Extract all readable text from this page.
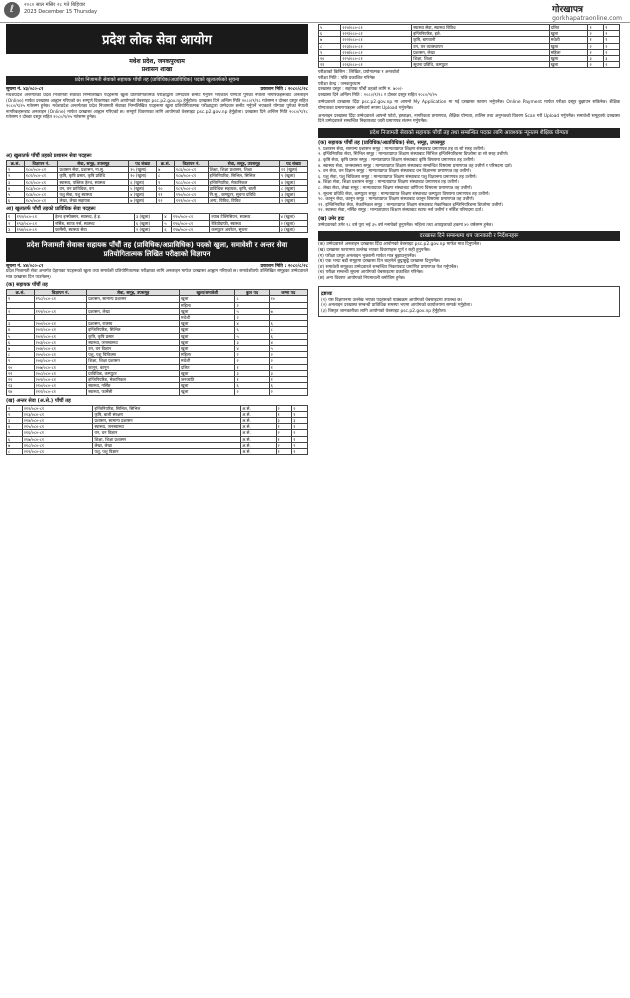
ℓ	२०८० साल मंसिर २८ गते बिहिवार
2023 December 15 Thursday	गोरखापत्र
gorkhapatraonline.com
प्रदेश लोक सेवा आयोग
मधेश प्रदेश, जनकपुरधाम
प्रशासन शाखा
प्रदेश निजामती सेवाको सहायक पाँचौं तह (प्राविधिक/अप्राविधिक) पदको खुलातर्फको सूचना
सूचना नं. ४३/०८०-८१	प्रकाशन मिति : २०८०/८/२८
मधेशप्रदेश अन्तर्गतका प्रदेश निजामती सेवाका निम्नलिखित पदहरूमा खुला प्रतियोगितात्मक परीक्षाद्वारा उम्मेदवार छनौट गर्नुपर्ने भएकाले योग्यता पुगेका नेपाली नागरिकहरूबाट अनलाइन (Online) मार्फत दरखास्त आह्वान गरिएको छ। सम्पूर्ण विवरणका लागि आयोगको वेबसाइट psc.p2.gov.np हेर्नुहोला। दरखास्त दिने अन्तिम मिति २०८०/९/१८ गतेसम्म र दोब्बर दस्तुर सहित २०८०/९/२५ गतेसम्म हुनेछ। मधेशप्रदेश अन्तर्गतका प्रदेश निजामती सेवाका निम्नलिखित पदहरूमा खुला प्रतियोगितात्मक परीक्षाद्वारा उम्मेदवार छनौट गर्नुपर्ने भएकाले योग्यता पुगेका नेपाली नागरिकहरूबाट अनलाइन (Online) मार्फत दरखास्त आह्वान गरिएको छ। सम्पूर्ण विवरणका लागि आयोगको वेबसाइट psc.p2.gov.np हेर्नुहोला। दरखास्त दिने अन्तिम मिति २०८०/९/१८ गतेसम्म र दोब्बर दस्तुर सहित २०८०/९/२५ गतेसम्म हुनेछ।
अ) खुलातर्फ पाँचौं तहको प्रशासन सेवा पदहरूः
क्र.सं.	विज्ञापन नं.	सेवा, समूह, उपसमूह	पद संख्या	क्र.सं.	विज्ञापन नं.	सेवा, समूह, उपसमूह	पद संख्या
१	१८०/०८०-८१	प्रशासन सेवा, प्रशासन, ना.सु.	१५ (खुला)	७	१८६/०८०-८१	शिक्षा, शिक्षा प्रशासन, शिक्षा	११ (खुला)
२	१८१/०८०-८१	कृषि, कृषि प्रसार, कृषि प्रविधि	१० (खुला)	८	१८७/०८०-८१	इन्जिनियरिङ, सिभिल, सिभिल	९ (खुला)
३	१८२/०८०-८१	स्वास्थ्य, पब्लिक हेल्थ, स्वास्थ्य	६ (खुला)	९	१८८/०८०-८१	इन्जिनियरिङ, मेकानिकल	४ (खुला)
४	१८३/०८०-८१	वन, वन प्राविधिक, वन	५ (खुला)	१०	१८९/०८०-८१	प्राविधिक सहायक, कृषि, बाली	८ (खुला)
५	१८४/०८०-८१	पशु सेवा, पशु स्वास्थ्य	४ (खुला)	११	१९०/०८०-८१	नि.सु., कम्प्युटर, सूचना प्रविधि	३ (खुला)
६	१८५/०८०-८१	लेखा, लेखा सहायक	७ (खुला)	१२	१९१/०८०-८१	अन्य, विविध, विविध	२ (खुला)
आ) खुलातर्फ पाँचौं तहको प्राविधिक सेवा पदहरूः
१	१९२/०८०-८१	हेल्थ इन्स्पेक्सन, स्वास्थ्य, हे.इ.	३ (खुला)	४	१९५/०८०-८१	ल्याब टेक्निसियन, स्वास्थ्य	४ (खुला)
२	१९३/०८०-८१	नर्सिङ, स्टाफ नर्स, स्वास्थ्य	६ (खुला)	५	१९६/०८०-८१	रेडियोग्राफी, स्वास्थ्य	२ (खुला)
३	१९४/०८०-८१	फार्मेसी, स्वास्थ्य सेवा	२ (खुला)	६	१९७/०८०-८१	कम्प्युटर अपरेटर, सूचना	३ (खुला)
प्रदेश निजामती सेवाका सहायक पाँचौं तह (प्राविधिक/अप्राविधिक) पदको खुला, समावेशी र अन्तर सेवा प्रतियोगितात्मक लिखित परीक्षाको विज्ञापन
सूचना नं. ४४/०८०-८१	प्रकाशन मिति : २०८०/८/२८
प्रदेश निजामती सेवा अन्तर्गत देहायका पदहरूको खुला तथा समावेशी प्रतियोगितात्मक परीक्षाका लागि अनलाइन मार्फत दरखास्त आह्वान गरिएको छ। समावेशीतर्फ उल्लिखित समूहका उम्मेदवारले मात्र दरखास्त दिन पाउनेछन्।
(क) सहायक पाँचौं तह
क्र.सं.	विज्ञापन नं.	सेवा, समूह, उपसमूह	खुला/समावेशी	कुल पद	जम्मा पद
१	१९८/०८०-८१	प्रशासन, सामान्य प्रशासन	खुला	८	१०
			महिला	२	
२	१९९/०८०-८१	प्रशासन, लेखा	खुला	५	७
			मधेशी	२	
३	२००/०८०-८१	प्रशासन, राजस्व	खुला	४	६
४	२०१/०८०-८१	इन्जिनियरिङ, सिभिल	खुला	६	८
५	२०२/०८०-८१	कृषि, कृषि प्रसार	खुला	५	६
६	२०३/०८०-८१	स्वास्थ्य, जनस्वास्थ्य	खुला	३	४
७	२०४/०८०-८१	वन, वन विज्ञान	खुला	४	५
८	२०५/०८०-८१	पशु, पशु चिकित्सा	महिला	२	२
९	२०६/०८०-८१	शिक्षा, शिक्षा प्रशासन	मधेशी	२	२
१०	२०७/०८०-८१	कानून, कानून	दलित	१	१
११	२०८/०८०-८१	प्राविधिक, कम्प्युटर	खुला	३	३
१२	२०९/०८०-८१	इन्जिनियरिङ, मेकानिकल	जनजाति	१	१
१३	२१०/०८०-८१	स्वास्थ्य, नर्सिङ	खुला	६	६
१४	२११/०८०-८१	स्वास्थ्य, फार्मेसी	खुला	२	२
(ख) अन्तर सेवा (अ.से.) पाँचौं तह
१	२१२/०८०-८१	इन्जिनियरिङ, सिभिल, सिभिल	अ.से.	२	२
२	२१३/०८०-८१	कृषि, बाली संरक्षण	अ.से.	१	१
३	२१४/०८०-८१	प्रशासन, सामान्य प्रशासन	अ.से.	३	३
४	२१५/०८०-८१	स्वास्थ्य, जनस्वास्थ्य	अ.से.	१	१
५	२१६/०८०-८१	वन, वन विज्ञान	अ.से.	२	२
६	२१७/०८०-८१	शिक्षा, शिक्षा प्रशासन	अ.से.	१	१
७	२१८/०८०-८१	लेखा, लेखा	अ.से.	२	२
८	२१९/०८०-८१	पशु, पशु विज्ञान	अ.से.	१	१
५	२२०/०८०-८१	स्वास्थ्य सेवा, स्वास्थ्य विविध	दलित	१	१
६	२२१/०८०-८१	इन्जिनियरिङ, इले.	खुला	२	२
७	२२२/०८०-८१	कृषि, बागवानी	मधेशी	१	१
८	२२३/०८०-८१	वन, वन व्यवस्थापन	खुला	२	२
९	२२४/०८०-८१	प्रशासन, लेखा	महिला	१	१
१०	२२५/०८०-८१	शिक्षा, शिक्षा	खुला	३	३
११	२२६/०८०-८१	सूचना प्रविधि, कम्प्युटर	खुला	२	२
परीक्षाको किसिम : लिखित, प्रयोगात्मक र अन्तर्वार्ता
परीक्षा मिति : पछि प्रकाशित गरिनेछ
परीक्षा केन्द्र : जनकपुरधाम
दरखास्त दस्तुर : सहायक पाँचौं तहको लागि रु. ७००/-
दरखास्त दिने अन्तिम मिति : २०८०/९/१८ र दोब्बर दस्तुर सहित २०८०/९/२५
उम्मेदवारले दरखास्त दिँदा psc.p2.gov.np मा आफ्नो My Application मा गई दरखास्त फाराम भर्नुपर्नेछ। Online Payment मार्फत परीक्षा दस्तुर बुझाउन सकिनेछ। शैक्षिक योग्यताका प्रमाणपत्रहरू अनिवार्य रूपमा Upload गर्नुपर्नेछ।
अनलाइन दरखास्त दिँदा उम्मेदवारले आफ्नो फोटो, हस्ताक्षर, नागरिकता प्रमाणपत्र, शैक्षिक योग्यता, तालिम तथा अनुभवको विवरण Scan गरी Upload गर्नुपर्नेछ। समावेशी समूहतर्फ दरखास्त दिने उम्मेदवारले सम्बन्धित निकायबाट जारी प्रमाणपत्र संलग्न गर्नुपर्नेछ।
प्रदेश निजामती सेवाको सहायक पाँचौं तह तथा सम्बन्धित पदका लागि आवश्यक न्यूनतम शैक्षिक योग्यता
(क) सहायक पाँचौं तह (प्राविधिक/अप्राविधिक) सेवा, समूह, उपसमूह
१. प्रशासन सेवा, सामान्य प्रशासन समूह : मान्यताप्राप्त शिक्षण संस्थाबाट प्रमाणपत्र तह वा सो सरह उत्तीर्ण।
२. इन्जिनियरिङ सेवा, सिभिल समूह : मान्यताप्राप्त शिक्षण संस्थाबाट सिभिल इन्जिनियरिङमा डिप्लोमा वा सो सरह उत्तीर्ण।
३. कृषि सेवा, कृषि प्रसार समूह : मान्यताप्राप्त शिक्षण संस्थाबाट कृषि विषयमा प्रमाणपत्र तह उत्तीर्ण।
४. स्वास्थ्य सेवा, जनस्वास्थ्य समूह : मान्यताप्राप्त शिक्षण संस्थाबाट सम्बन्धित विषयमा प्रमाणपत्र तह उत्तीर्ण र परिषदमा दर्ता।
५. वन सेवा, वन विज्ञान समूह : मान्यताप्राप्त शिक्षण संस्थाबाट वन विज्ञानमा प्रमाणपत्र तह उत्तीर्ण।
६. पशु सेवा, पशु चिकित्सा समूह : मान्यताप्राप्त शिक्षण संस्थाबाट पशु विज्ञानमा प्रमाणपत्र तह उत्तीर्ण।
७. शिक्षा सेवा, शिक्षा प्रशासन समूह : मान्यताप्राप्त शिक्षण संस्थाबाट प्रमाणपत्र तह उत्तीर्ण।
८. लेखा सेवा, लेखा समूह : मान्यताप्राप्त शिक्षण संस्थाबाट वाणिज्य विषयमा प्रमाणपत्र तह उत्तीर्ण।
९. सूचना प्रविधि सेवा, कम्प्युटर समूह : मान्यताप्राप्त शिक्षण संस्थाबाट कम्प्युटर विषयमा प्रमाणपत्र तह उत्तीर्ण।
१०. कानून सेवा, कानून समूह : मान्यताप्राप्त शिक्षण संस्थाबाट कानून विषयमा प्रमाणपत्र तह उत्तीर्ण।
११. इन्जिनियरिङ सेवा, मेकानिकल समूह : मान्यताप्राप्त शिक्षण संस्थाबाट मेकानिकल इन्जिनियरिङमा डिप्लोमा उत्तीर्ण।
१२. स्वास्थ्य सेवा, नर्सिङ समूह : मान्यताप्राप्त शिक्षण संस्थाबाट स्टाफ नर्स उत्तीर्ण र नर्सिङ परिषदमा दर्ता।
(ख) उमेर हदः
उम्मेदवारको उमेर १८ वर्ष पूरा भई ३५ वर्ष ननाघेको हुनुपर्नेछ। महिला तथा अपाङ्गताको हकमा ४० वर्षसम्म हुनेछ।
दरखास्त दिने सम्बन्धमा थप जानकारी र निर्देशनहरू
(क) उम्मेदवारले अनलाइन दरखास्त दिँदा आयोगको वेबसाइट psc.p2.gov.np मार्फत मात्र दिनुपर्नेछ।
(ख) दरखास्त फाराममा उल्लेख भएका विवरणहरू पूर्ण र सही हुनुपर्नेछ।
(ग) परीक्षा दस्तुर अनलाइन भुक्तानी मार्फत मात्र बुझाउनुपर्नेछ।
(घ) एक भन्दा बढी समूहमा दरखास्त दिन चाहनेले छुट्टाछुट्टै दरखास्त दिनुपर्नेछ।
(ङ) समावेशी समूहका उम्मेदवारले सम्बन्धित निकायबाट प्रमाणित प्रमाणपत्र पेश गर्नुपर्नेछ।
(च) परीक्षा सम्बन्धी सूचना आयोगको वेबसाइटमा प्रकाशित गरिनेछ।
(छ) अन्य विवरण आयोगको नियमावली बमोजिम हुनेछ।
द्रष्टव्यः
(१) यस विज्ञापनमा उल्लेख भएका पदहरूको पाठ्यक्रम आयोगको वेबसाइटमा उपलब्ध छ।
(२) अनलाइन दरखास्त सम्बन्धी प्राविधिक समस्या भएमा आयोगको कार्यालयमा सम्पर्क गर्नुहोला।
(३) विस्तृत जानकारीका लागि आयोगको वेबसाइट psc.p2.gov.np हेर्नुहोला।
